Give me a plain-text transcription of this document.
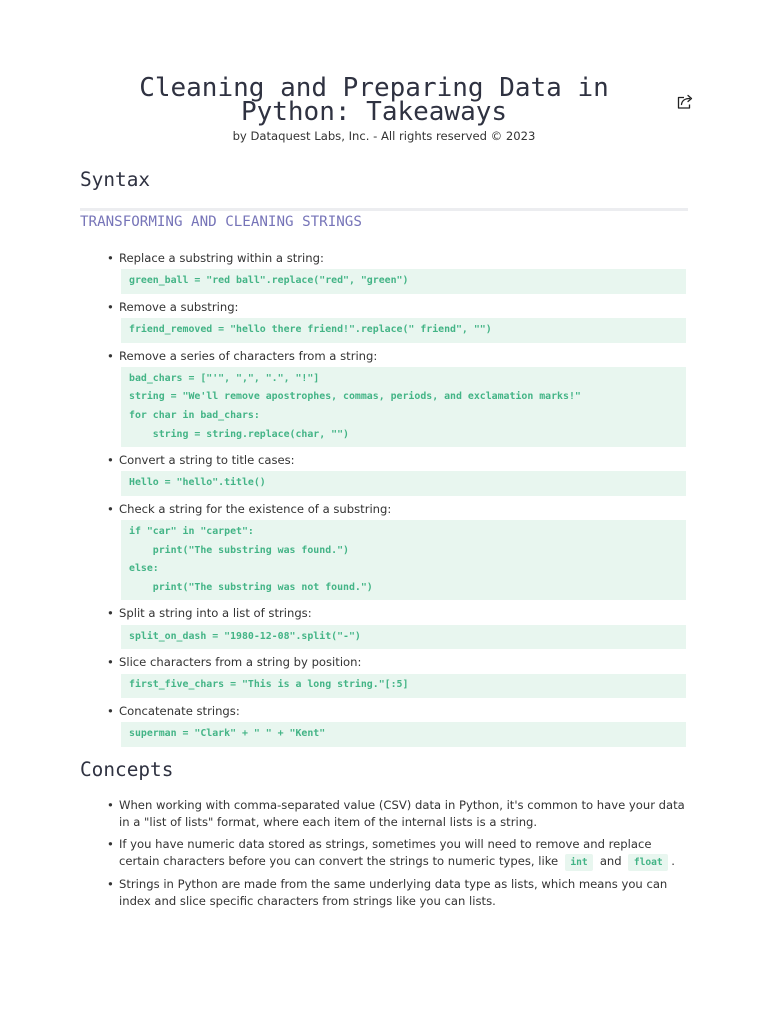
Cleaning and Preparing Data in Python: Takeaways
by Dataquest Labs, Inc. - All rights reserved © 2023
Syntax
TRANSFORMING AND CLEANING STRINGS
• Replace a substring within a string:
green_ball = "red ball".replace("red", "green")
• Remove a substring:
friend_removed = "hello there friend!".replace(" friend", "")
• Remove a series of characters from a string:
bad_chars = ["'", ",", ".", "!"]
string = "We'll remove apostrophes, commas, periods, and exclamation marks!"
for char in bad_chars:
string = string.replace(char, "")
• Convert a string to title cases:
Hello = "hello".title()
• Check a string for the existence of a substring:
if "car" in "carpet":
print("The substring was found.")
else:
print("The substring was not found.")
• Split a string into a list of strings:
split_on_dash = "1980-12-08".split("-")
• Slice characters from a string by position:
first_five_chars = "This is a long string."[:5]
• Concatenate strings:
superman = "Clark" + " " + "Kent"
Concepts
• When working with comma-separated value (CSV) data in Python, it's common to have your data in a "list of lists" format, where each item of the internal lists is a string.
• If you have numeric data stored as strings, sometimes you will need to remove and replace certain characters before you can convert the strings to numeric types, like int and float .
• Strings in Python are made from the same underlying data type as lists, which means you can index and slice specific characters from strings like you can lists.
